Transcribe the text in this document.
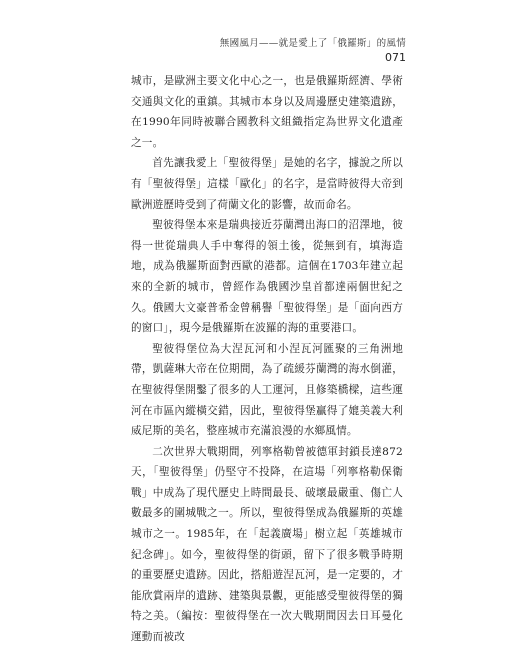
無國風月——就是愛上了「俄羅斯」的風情
071

城市，是歐洲主要文化中心之一，也是俄羅斯經濟、學術交通與文化的重鎮。其城市本身以及周邊歷史建築遺跡，在1990年同時被聯合國教科文組織指定為世界文化遺產之一。

首先讓我愛上「聖彼得堡」是她的名字，據說之所以有「聖彼得堡」這樣「歐化」的名字，是當時彼得大帝到歐洲遊歷時受到了荷蘭文化的影響，故而命名。

聖彼得堡本來是瑞典接近芬蘭灣出海口的沼澤地，彼得一世從瑞典人手中奪得的領土後，從無到有，填海造地，成為俄羅斯面對西歐的港都。這個在1703年建立起來的全新的城市，曾經作為俄國沙皇首都達兩個世紀之久。俄國大文豪普希金曾稱譽「聖彼得堡」是「面向西方的窗口」，現今是俄羅斯在波羅的海的重要港口。

聖彼得堡位為大涅瓦河和小涅瓦河匯聚的三角洲地帶，凱薩琳大帝在位期間，為了疏緩芬蘭灣的海水倒灌，在聖彼得堡開鑿了很多的人工運河，且修築橋樑，這些運河在市區內縱橫交錯，因此，聖彼得堡贏得了媲美義大利威尼斯的美名，整座城市充滿浪漫的水鄉風情。

二次世界大戰期間，列寧格勒曾被德軍封鎖長達872天，「聖彼得堡」仍堅守不投降，在這場「列寧格勒保衛戰」中成為了現代歷史上時間最長、破壞最嚴重、傷亡人數最多的圍城戰之一。所以，聖彼得堡成為俄羅斯的英雄城市之一。1985年，在「起義廣場」樹立起「英雄城市紀念碑」。如今，聖彼得堡的街頭，留下了很多戰爭時期的重要歷史遺跡。因此，搭船遊涅瓦河，是一定要的，才能欣賞兩岸的遺跡、建築與景觀，更能感受聖彼得堡的獨特之美。（編按：聖彼得堡在一次大戰期間因去日耳曼化運動而被改
